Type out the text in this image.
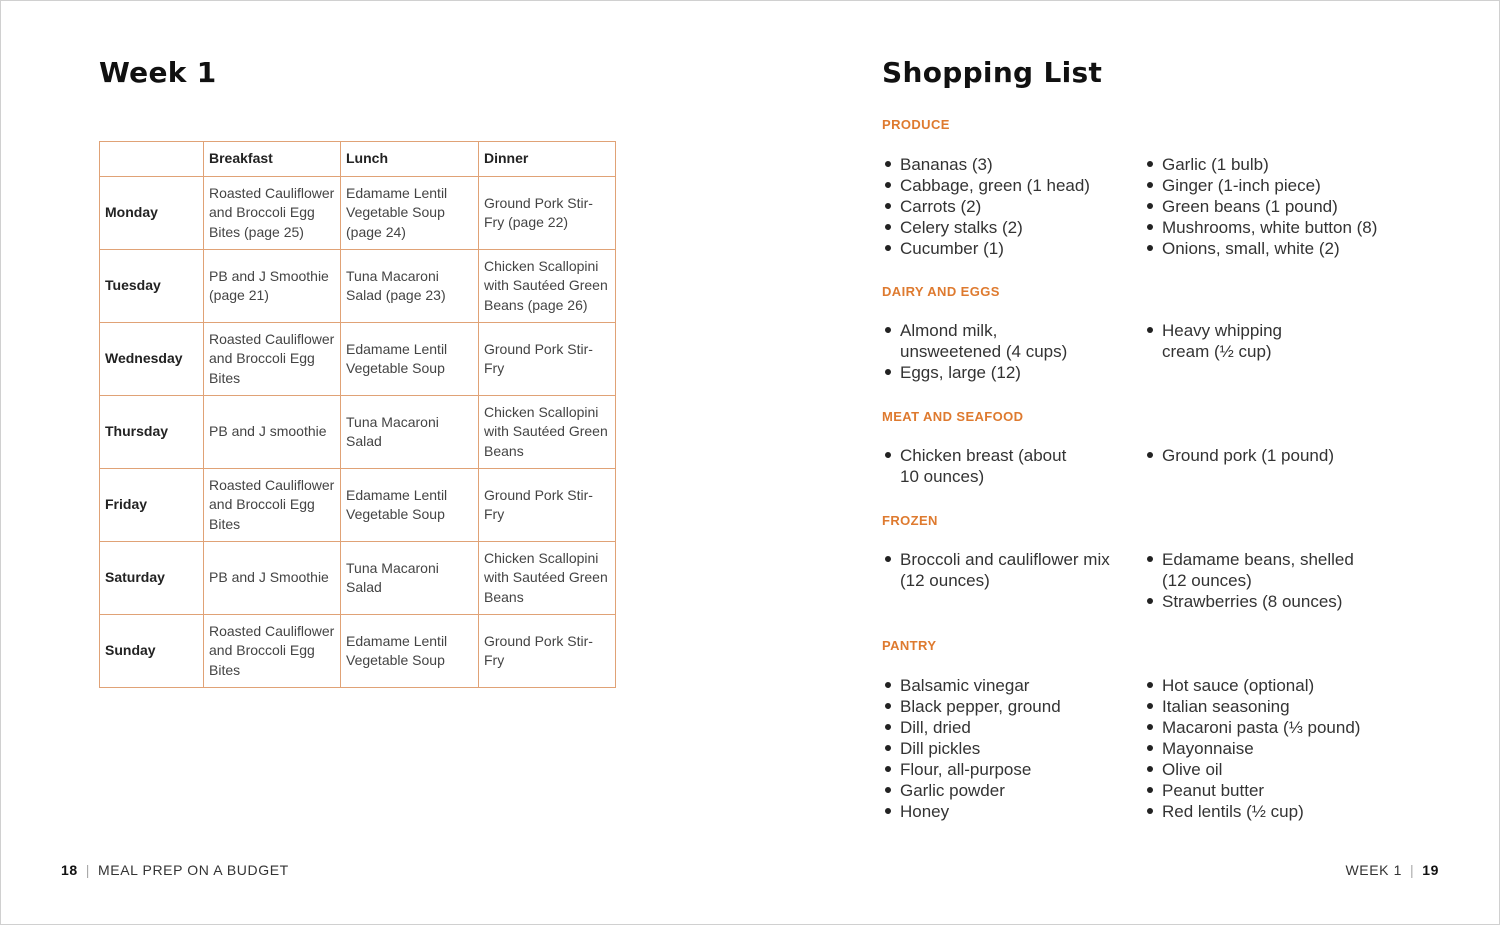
Week 1
	Breakfast	Lunch	Dinner
Monday	Roasted Cauliflower and Broccoli Egg Bites (page 25)	Edamame Lentil Vegetable Soup (page 24)	Ground Pork Stir-Fry (page 22)
Tuesday	PB and J Smoothie (page 21)	Tuna Macaroni Salad (page 23)	Chicken Scallopini with Sautéed Green Beans (page 26)
Wednesday	Roasted Cauliflower and Broccoli Egg Bites	Edamame Lentil Vegetable Soup	Ground Pork Stir-Fry
Thursday	PB and J smoothie	Tuna Macaroni Salad	Chicken Scallopini with Sautéed Green Beans
Friday	Roasted Cauliflower and Broccoli Egg Bites	Edamame Lentil Vegetable Soup	Ground Pork Stir-Fry
Saturday	PB and J Smoothie	Tuna Macaroni Salad	Chicken Scallopini with Sautéed Green Beans
Sunday	Roasted Cauliflower and Broccoli Egg Bites	Edamame Lentil Vegetable Soup	Ground Pork Stir-Fry
18 | MEAL PREP ON A BUDGET
Shopping List
PRODUCE
Bananas (3)
Cabbage, green (1 head)
Carrots (2)
Celery stalks (2)
Cucumber (1)
Garlic (1 bulb)
Ginger (1-inch piece)
Green beans (1 pound)
Mushrooms, white button (8)
Onions, small, white (2)
DAIRY AND EGGS
Almond milk, unsweetened (4 cups)
Eggs, large (12)
Heavy whipping cream (½ cup)
MEAT AND SEAFOOD
Chicken breast (about 10 ounces)
Ground pork (1 pound)
FROZEN
Broccoli and cauliflower mix (12 ounces)
Edamame beans, shelled (12 ounces)
Strawberries (8 ounces)
PANTRY
Balsamic vinegar
Black pepper, ground
Dill, dried
Dill pickles
Flour, all-purpose
Garlic powder
Honey
Hot sauce (optional)
Italian seasoning
Macaroni pasta (⅓ pound)
Mayonnaise
Olive oil
Peanut butter
Red lentils (½ cup)
WEEK 1 | 19
